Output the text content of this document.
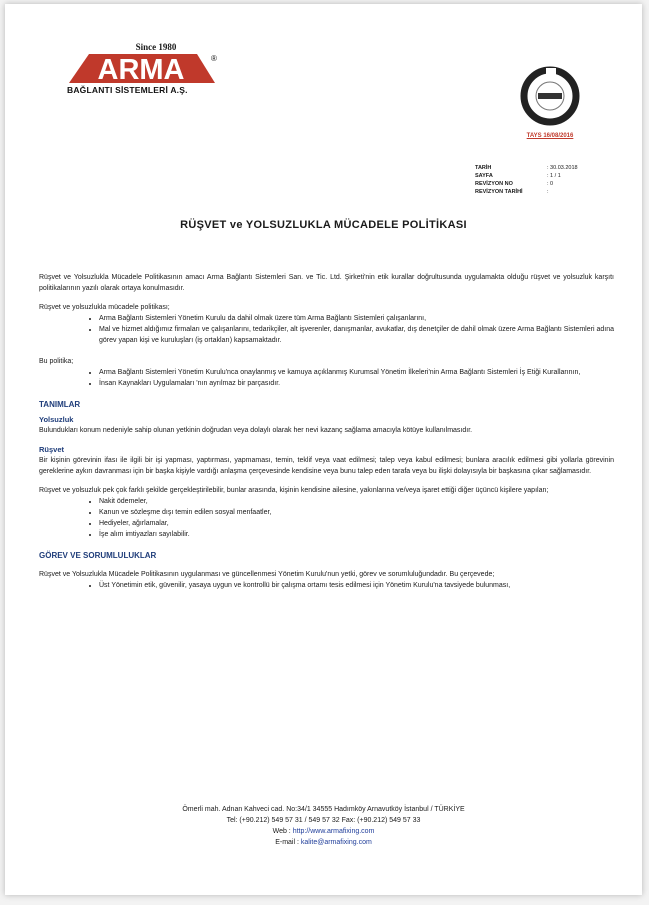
Since 1980
ARMA	®
BAĞLANTI SİSTEMLERİ A.Ş.
TAYS 16/08/2016
TARİH	: 30.03.2018
SAYFA	: 1 / 1
REVİZYON NO	: 0
REVİZYON TARİHİ	:
RÜŞVET ve YOLSUZLUKLA MÜCADELE POLİTİKASI

Rüşvet ve Yolsuzlukla Mücadele Politikasının amacı Arma Bağlantı Sistemleri San. ve Tic. Ltd. Şirketi'nin etik kurallar doğrultusunda uygulamakta olduğu rüşvet ve yolsuzluk karşıtı politikalarının yazılı olarak ortaya konulmasıdır.

Rüşvet ve yolsuzlukla mücadele politikası;

• Arma Bağlantı Sistemleri Yönetim Kurulu da dahil olmak üzere tüm Arma Bağlantı Sistemleri çalışanlarını,
• Mal ve hizmet aldığımız firmaları ve çalışanlarını, tedarikçiler, alt işverenler, danışmanlar, avukatlar, dış denetçiler de dahil olmak üzere Arma Bağlantı Sistemleri adına görev yapan kişi ve kuruluşları (iş ortakları) kapsamaktadır.

Bu politika;

• Arma Bağlantı Sistemleri Yönetim Kurulu'nca onaylanmış ve kamuya açıklanmış Kurumsal Yönetim İlkeleri'nin Arma Bağlantı Sistemleri İş Etiği Kurallarının,
• İnsan Kaynakları Uygulamaları 'nın ayrılmaz bir parçasıdır.
TANIMLAR
Yolsuzluk

Bulundukları konum nedeniyle sahip olunan yetkinin doğrudan veya dolaylı olarak her nevi kazanç sağlama amacıyla kötüye kullanılmasıdır.

Rüşvet

Bir kişinin görevinin ifası ile ilgili bir işi yapması, yaptırması, yapmaması, temin, teklif veya vaat edilmesi; talep veya kabul edilmesi; bunlara aracılık edilmesi gibi yollarla görevinin gereklerine aykırı davranması için bir başka kişiyle vardığı anlaşma çerçevesinde kendisine veya bunu talep eden tarafa veya bu ilişki dolayısıyla bir başkasına çıkar sağlamasıdır.

Rüşvet ve yolsuzluk pek çok farklı şekilde gerçekleştirilebilir, bunlar arasında, kişinin kendisine ailesine, yakınlarına ve/veya işaret ettiği diğer üçüncü kişilere yapılan;

• Nakit ödemeler,
• Kanun ve sözleşme dışı temin edilen sosyal menfaatler,
• Hediyeler, ağırlamalar,
• İşe alım imtiyazları sayılabilir.
GÖREV VE SORUMLULUKLAR

Rüşvet ve Yolsuzlukla Mücadele Politikasının uygulanması ve güncellenmesi Yönetim Kurulu'nun yetki, görev ve sorumluluğundadır. Bu çerçevede;

• Üst Yönetimin etik, güvenilir, yasaya uygun ve kontrollü bir çalışma ortamı tesis edilmesi için Yönetim Kurulu'na tavsiyede bulunması,
Ömerli mah. Adnan Kahveci cad. No:34/1 34555 Hadımköy Arnavutköy İstanbul / TÜRKİYE
Tel: (+90.212) 549 57 31 / 549 57 32 Fax: (+90.212) 549 57 33
Web : http://www.armafixing.com
E-mail : kalite@armafixing.com
